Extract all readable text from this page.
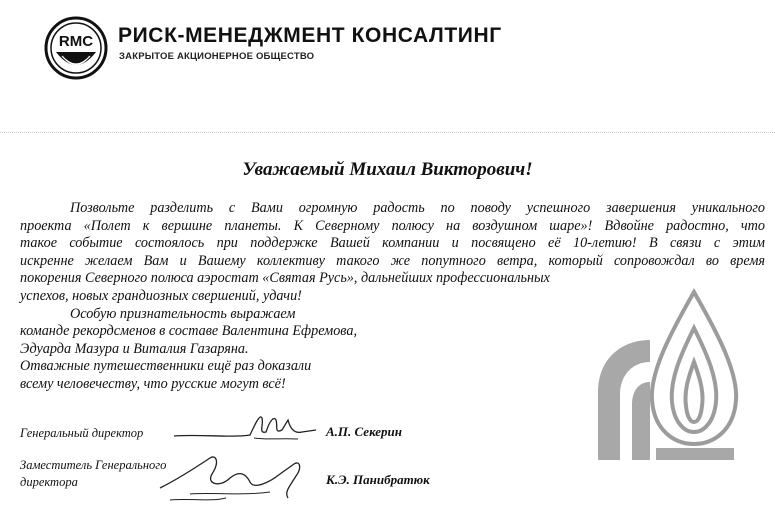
RMC РИСК-МЕНЕДЖМЕНТ КОНСАЛТИНГ
ЗАКРЫТОЕ АКЦИОНЕРНОЕ ОБЩЕСТВО
Уважаемый Михаил Викторович!
Позвольте разделить с Вами огромную радость по поводу успешного завершения уникального
проекта «Полет к вершине планеты. К Северному полюсу на воздушном шаре»! Вдвойне радостно, что
такое событие состоялось при поддержке Вашей компании и посвящено её 10-летию! В связи с этим
искренне желаем Вам и Вашему коллективу такого же попутного ветра, который сопровождал во время
покорения Северного полюса аэростат «Святая Русь», дальнейших профессиональных
успехов, новых грандиозных свершений, удачи!
Особую признательность выражаем
команде рекордсменов в составе Валентина Ефремова,
Эдуарда Мазура и Виталия Газаряна.
Отважные путешественники ещё раз доказали
всему человечеству, что русские могут всё!
Генеральный директор	А.П. Секерин
Заместитель Генерального
директора	К.Э. Панибратюк
